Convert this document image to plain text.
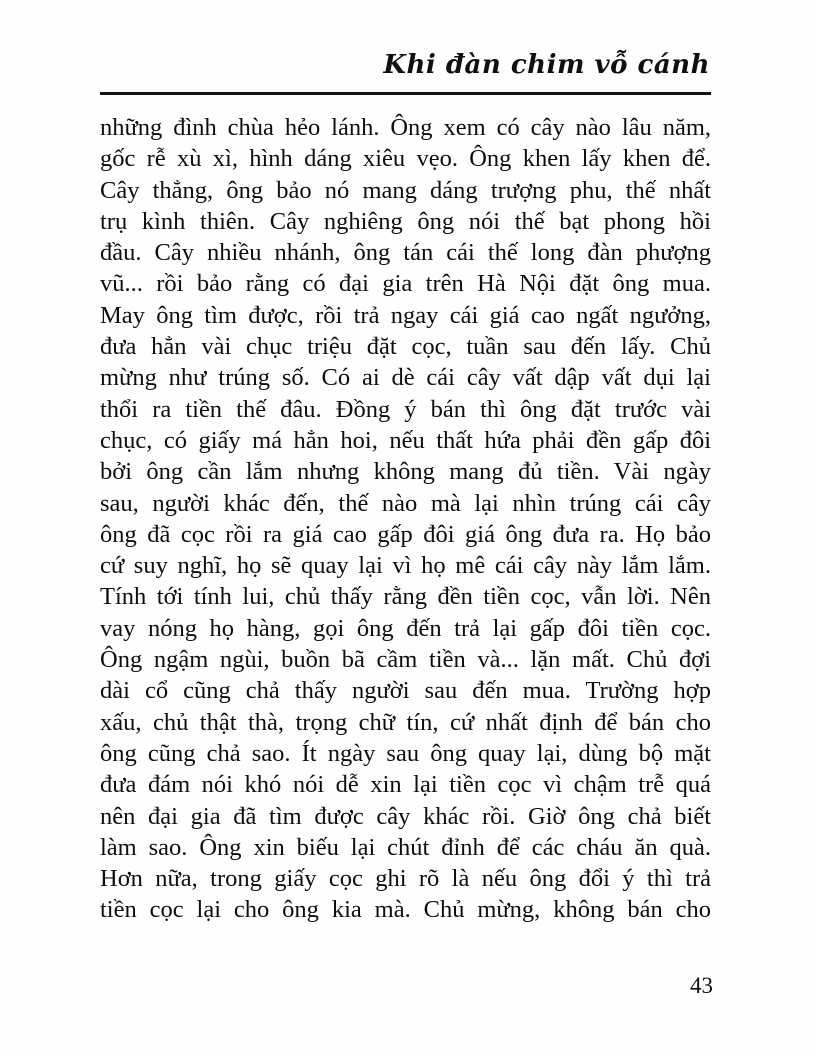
Khi đàn chim vỗ cánh
những đình chùa hẻo lánh. Ông xem có cây nào lâu năm,
gốc rễ xù xì, hình dáng xiêu vẹo. Ông khen lấy khen để.
Cây thẳng, ông bảo nó mang dáng trượng phu, thế nhất
trụ kình thiên. Cây nghiêng ông nói thế bạt phong hồi
đầu. Cây nhiều nhánh, ông tán cái thế long đàn phượng
vũ... rồi bảo rằng có đại gia trên Hà Nội đặt ông mua.
May ông tìm được, rồi trả ngay cái giá cao ngất ngưởng,
đưa hẳn vài chục triệu đặt cọc, tuần sau đến lấy. Chủ
mừng như trúng số. Có ai dè cái cây vất dập vất dụi lại
thổi ra tiền thế đâu. Đồng ý bán thì ông đặt trước vài
chục, có giấy má hẳn hoi, nếu thất hứa phải đền gấp đôi
bởi ông cần lắm nhưng không mang đủ tiền. Vài ngày
sau, người khác đến, thế nào mà lại nhìn trúng cái cây
ông đã cọc rồi ra giá cao gấp đôi giá ông đưa ra. Họ bảo
cứ suy nghĩ, họ sẽ quay lại vì họ mê cái cây này lắm lắm.
Tính tới tính lui, chủ thấy rằng đền tiền cọc, vẫn lời. Nên
vay nóng họ hàng, gọi ông đến trả lại gấp đôi tiền cọc.
Ông ngậm ngùi, buồn bã cầm tiền và... lặn mất. Chủ đợi
dài cổ cũng chả thấy người sau đến mua. Trường hợp
xấu, chủ thật thà, trọng chữ tín, cứ nhất định để bán cho
ông cũng chả sao. Ít ngày sau ông quay lại, dùng bộ mặt
đưa đám nói khó nói dễ xin lại tiền cọc vì chậm trễ quá
nên đại gia đã tìm được cây khác rồi. Giờ ông chả biết
làm sao. Ông xin biếu lại chút đỉnh để các cháu ăn quà.
Hơn nữa, trong giấy cọc ghi rõ là nếu ông đổi ý thì trả
tiền cọc lại cho ông kia mà. Chủ mừng, không bán cho
43
